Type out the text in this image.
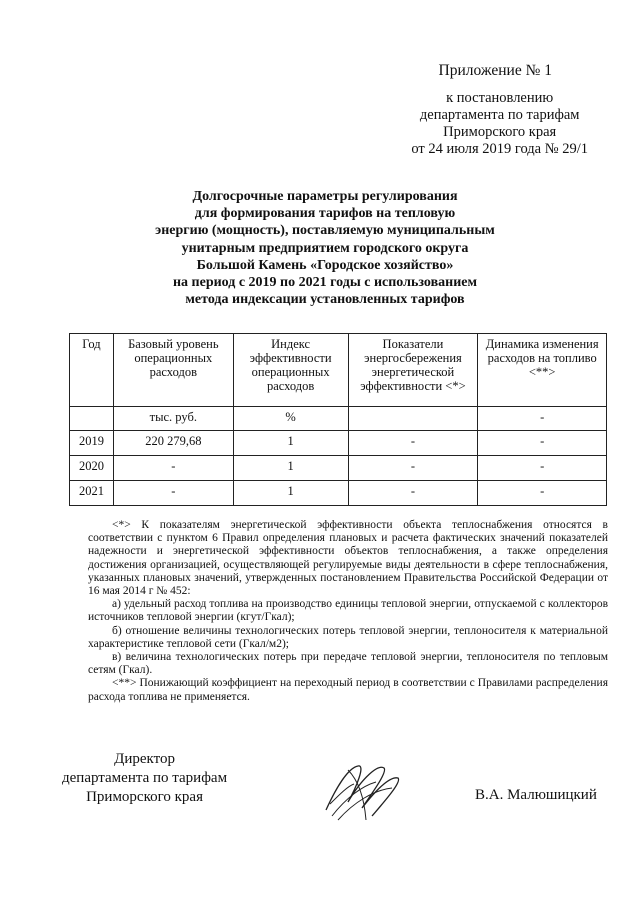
Приложение № 1
к постановлению
департамента по тарифам
Приморского края
от 24 июля 2019 года № 29/1
Долгосрочные параметры регулирования
для формирования тарифов на тепловую
энергию (мощность), поставляемую муниципальным
унитарным предприятием городского округа
Большой Камень «Городское хозяйство»
на период с 2019 по 2021 годы с использованием
метода индексации установленных тарифов
Год	Базовый уровень операционных расходов	Индекс эффективности операционных расходов	Показатели энергосбережения энергетической эффективности <*>	Динамика изменения расходов на топливо <**>
	тыс. руб.	%		-
2019	220 279,68	1	-	-
2020	-	1	-	-
2021	-	1	-	-

<*> К показателям энергетической эффективности объекта теплоснабжения относятся в соответствии с пунктом 6 Правил определения плановых и расчета фактических значений показателей надежности и энергетической эффективности объектов теплоснабжения, а также определения достижения организацией, осуществляющей регулируемые виды деятельности в сфере теплоснабжения, указанных плановых значений, утвержденных постановлением Правительства Российской Федерации от 16 мая 2014 г № 452:

а) удельный расход топлива на производство единицы тепловой энергии, отпускаемой с коллекторов источников тепловой энергии (кгут/Гкал);

б) отношение величины технологических потерь тепловой энергии, теплоносителя к материальной характеристике тепловой сети (Гкал/м2);

в) величина технологических потерь при передаче тепловой энергии, теплоносителя по тепловым сетям (Гкал).

<**> Понижающий коэффициент на переходный период в соответствии с Правилами распределения расхода топлива не применяется.

Директор
департамента по тарифам
Приморского края	В.А. Малюшицкий
